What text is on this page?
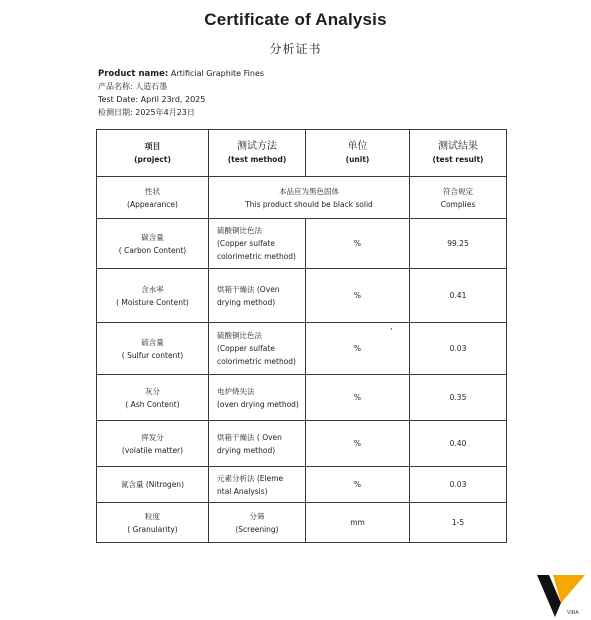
Certificate of Analysis
分析证书
Product name: Artificial Graphite Fines
产品名称: 人造石墨
Test Date: April 23rd, 2025
检测日期: 2025年4月23日
项目
(project)	测试方法
(test method)	单位
(unit)	测试结果
(test result)

性状
(Appearance)	本品应为黑色固体
This product should be black solid		符合规定
Complies

碳含量
( Carbon Content)	硫酸铜比色法
(Copper sulfate
colorimetric method)	%	99.25

含水率
( Moisture Content)	烘箱干燥法 (Oven
drying method)	%	0.41

硫含量
( Sulfur content)	硫酸铜比色法
(Copper sulfate
colorimetric method)	%	0.03

灰分
( Ash Content)	电炉烧失法
(oven drying method)	%	0.35

挥发分
(volatile matter)	烘箱干燥法 ( Oven
drying method)	%	0.40

氮含量 (Nitrogen)	元素分析法 (Eleme
ntal Analysis)	%	0.03

粒度
( Granularity)	分筛
(Screening)	mm	1-5
’
VIRA
